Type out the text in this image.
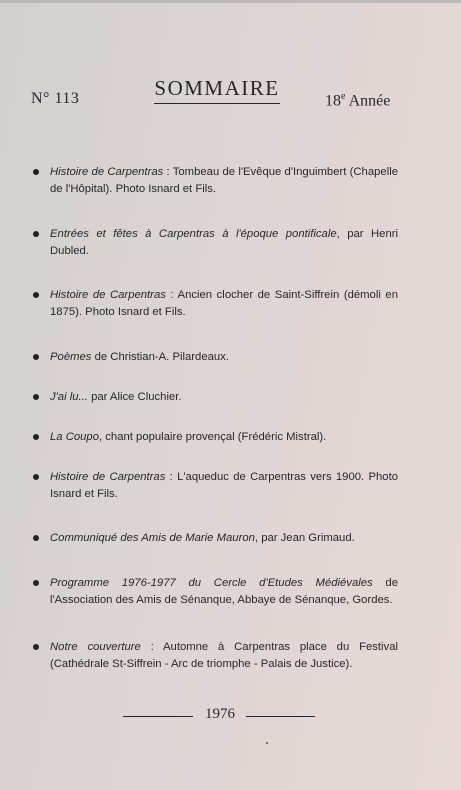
N° 113	SOMMAIRE
18e Année
Histoire de Carpentras : Tombeau de l'Evêque d'Inguimbert (Chapelle de l'Hôpital). Photo Isnard et Fils.
Entrées et fêtes à Carpentras à l'époque pontificale, par Henri Dubled.
Histoire de Carpentras : Ancien clocher de Saint-Siffrein (démoli en 1875). Photo Isnard et Fils.
Poèmes de Christian-A. Pilardeaux.
J'ai lu... par Alice Cluchier.
La Coupo, chant populaire provençal (Frédéric Mistral).
Histoire de Carpentras : L'aqueduc de Carpentras vers 1900. Photo Isnard et Fils.
Communiqué des Amis de Marie Mauron, par Jean Grimaud.
Programme 1976-1977 du Cercle d'Etudes Médiévales de l'Association des Amis de Sénanque, Abbaye de Sénanque, Gordes.
Notre couverture : Automne à Carpentras place du Festival (Cathédrale St-Siffrein - Arc de triomphe - Palais de Justice).
1976
